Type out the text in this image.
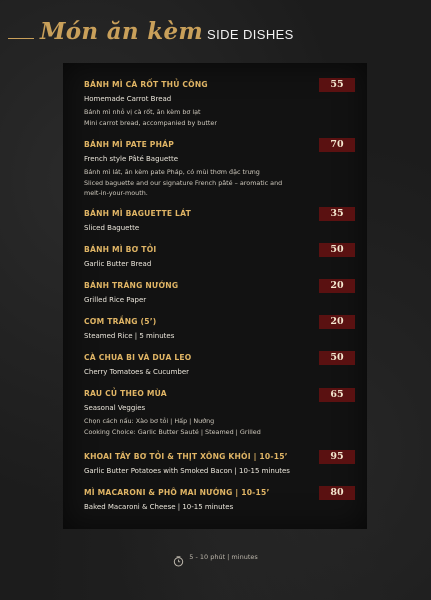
Món ăn kèm SIDE DISHES
BÁNH MÌ CÀ RỐT THỦ CÔNG
Homemade Carrot Bread
Bánh mì nhỏ vị cà rốt, ăn kèm bơ lạt
Mini carrot bread, accompanied by butter
55
BÁNH MÌ PATE PHÁP
French style Pâté Baguette
Bánh mì lát, ăn kèm pate Pháp, có mùi thơm đặc trưng
Sliced baguette and our signature French pâté – aromatic and melt-in-your-mouth.
70
BÁNH MÌ BAGUETTE LÁT
Sliced Baguette
35
BÁNH MÌ BƠ TỎI
Garlic Butter Bread
50
BÁNH TRÁNG NƯỚNG
Grilled Rice Paper
20
CƠM TRẮNG (5’)
Steamed Rice | 5 minutes
20
CÀ CHUA BI VÀ DƯA LEO
Cherry Tomatoes & Cucumber
50
RAU CỦ THEO MÙA
Seasonal Veggies
Chọn cách nấu: Xào bơ tỏi | Hấp | Nướng
Cooking Choice: Garlic Butter Sauté | Steamed | Grilled
65
KHOAI TÂY BƠ TỎI & THỊT XÔNG KHÓI | 10-15’
Garlic Butter Potatoes with Smoked Bacon | 10-15 minutes
95
MÌ MACARONI & PHÔ MAI NƯỚNG | 10-15’
Baked Macaroni & Cheese | 10-15 minutes
80
5 - 10 phút | minutes
